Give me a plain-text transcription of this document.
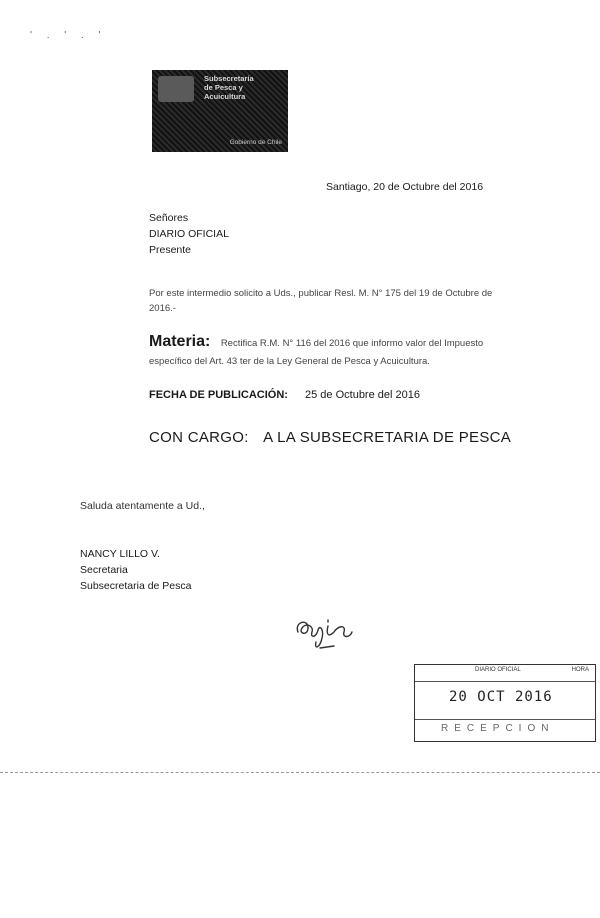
' . ' . '
Subsecretaría
de Pesca y
Acuicultura
Gobierno de Chile
Santiago, 20 de Octubre del 2016
Señores
DIARIO OFICIAL
Presente
Por este intermedio solicito a Uds., publicar Resl. M. N° 175 del 19 de Octubre de 2016.-
Materia: Rectifica R.M. N° 116 del 2016 que informo valor del Impuesto específico del Art. 43 ter de la Ley General de Pesca y Acuicultura.
FECHA DE PUBLICACIÓN: 25 de Octubre del 2016
CON CARGO: A LA SUBSECRETARIA DE PESCA
Saluda atentamente a Ud.,
NANCY LILLO V.
Secretaria
Subsecretaria de Pesca
DIARIO OFICIAL	HORA
20 OCT 2016
RECEPCION
